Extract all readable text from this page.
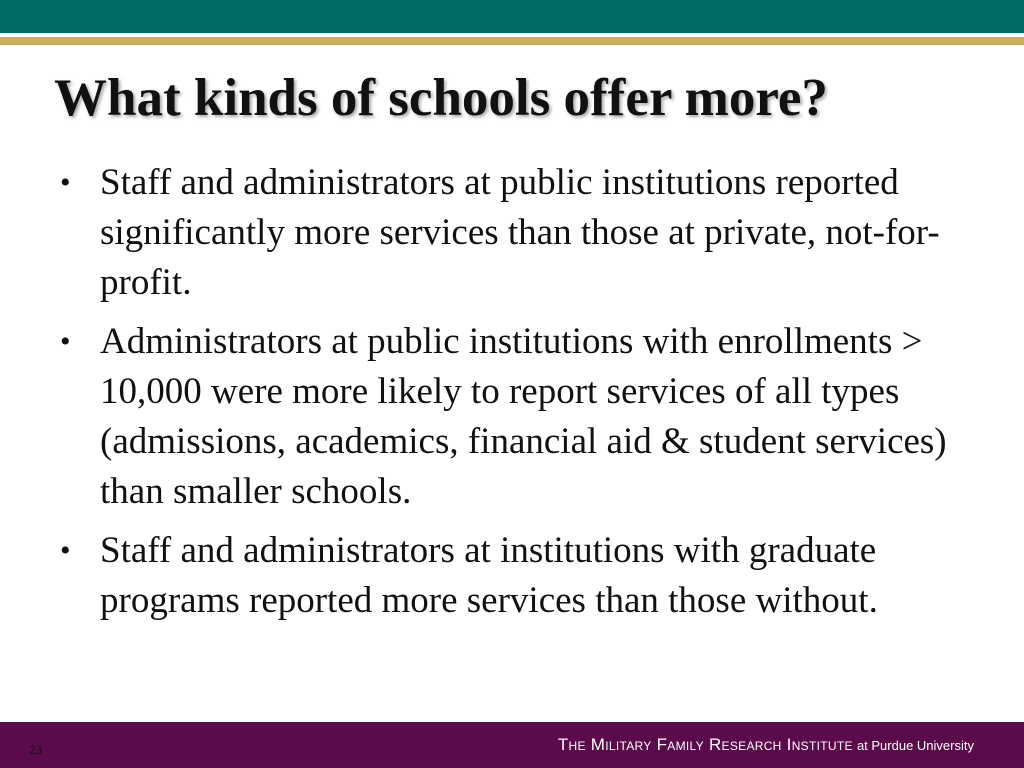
What kinds of schools offer more?
• Staff and administrators at public institutions reported significantly more services than those at private, not-for-profit.
• Administrators at public institutions with enrollments > 10,000 were more likely to report services of all types (admissions, academics, financial aid & student services) than smaller schools.
• Staff and administrators at institutions with graduate programs reported more services than those without.
23	The Military Family Research Institute at Purdue University
